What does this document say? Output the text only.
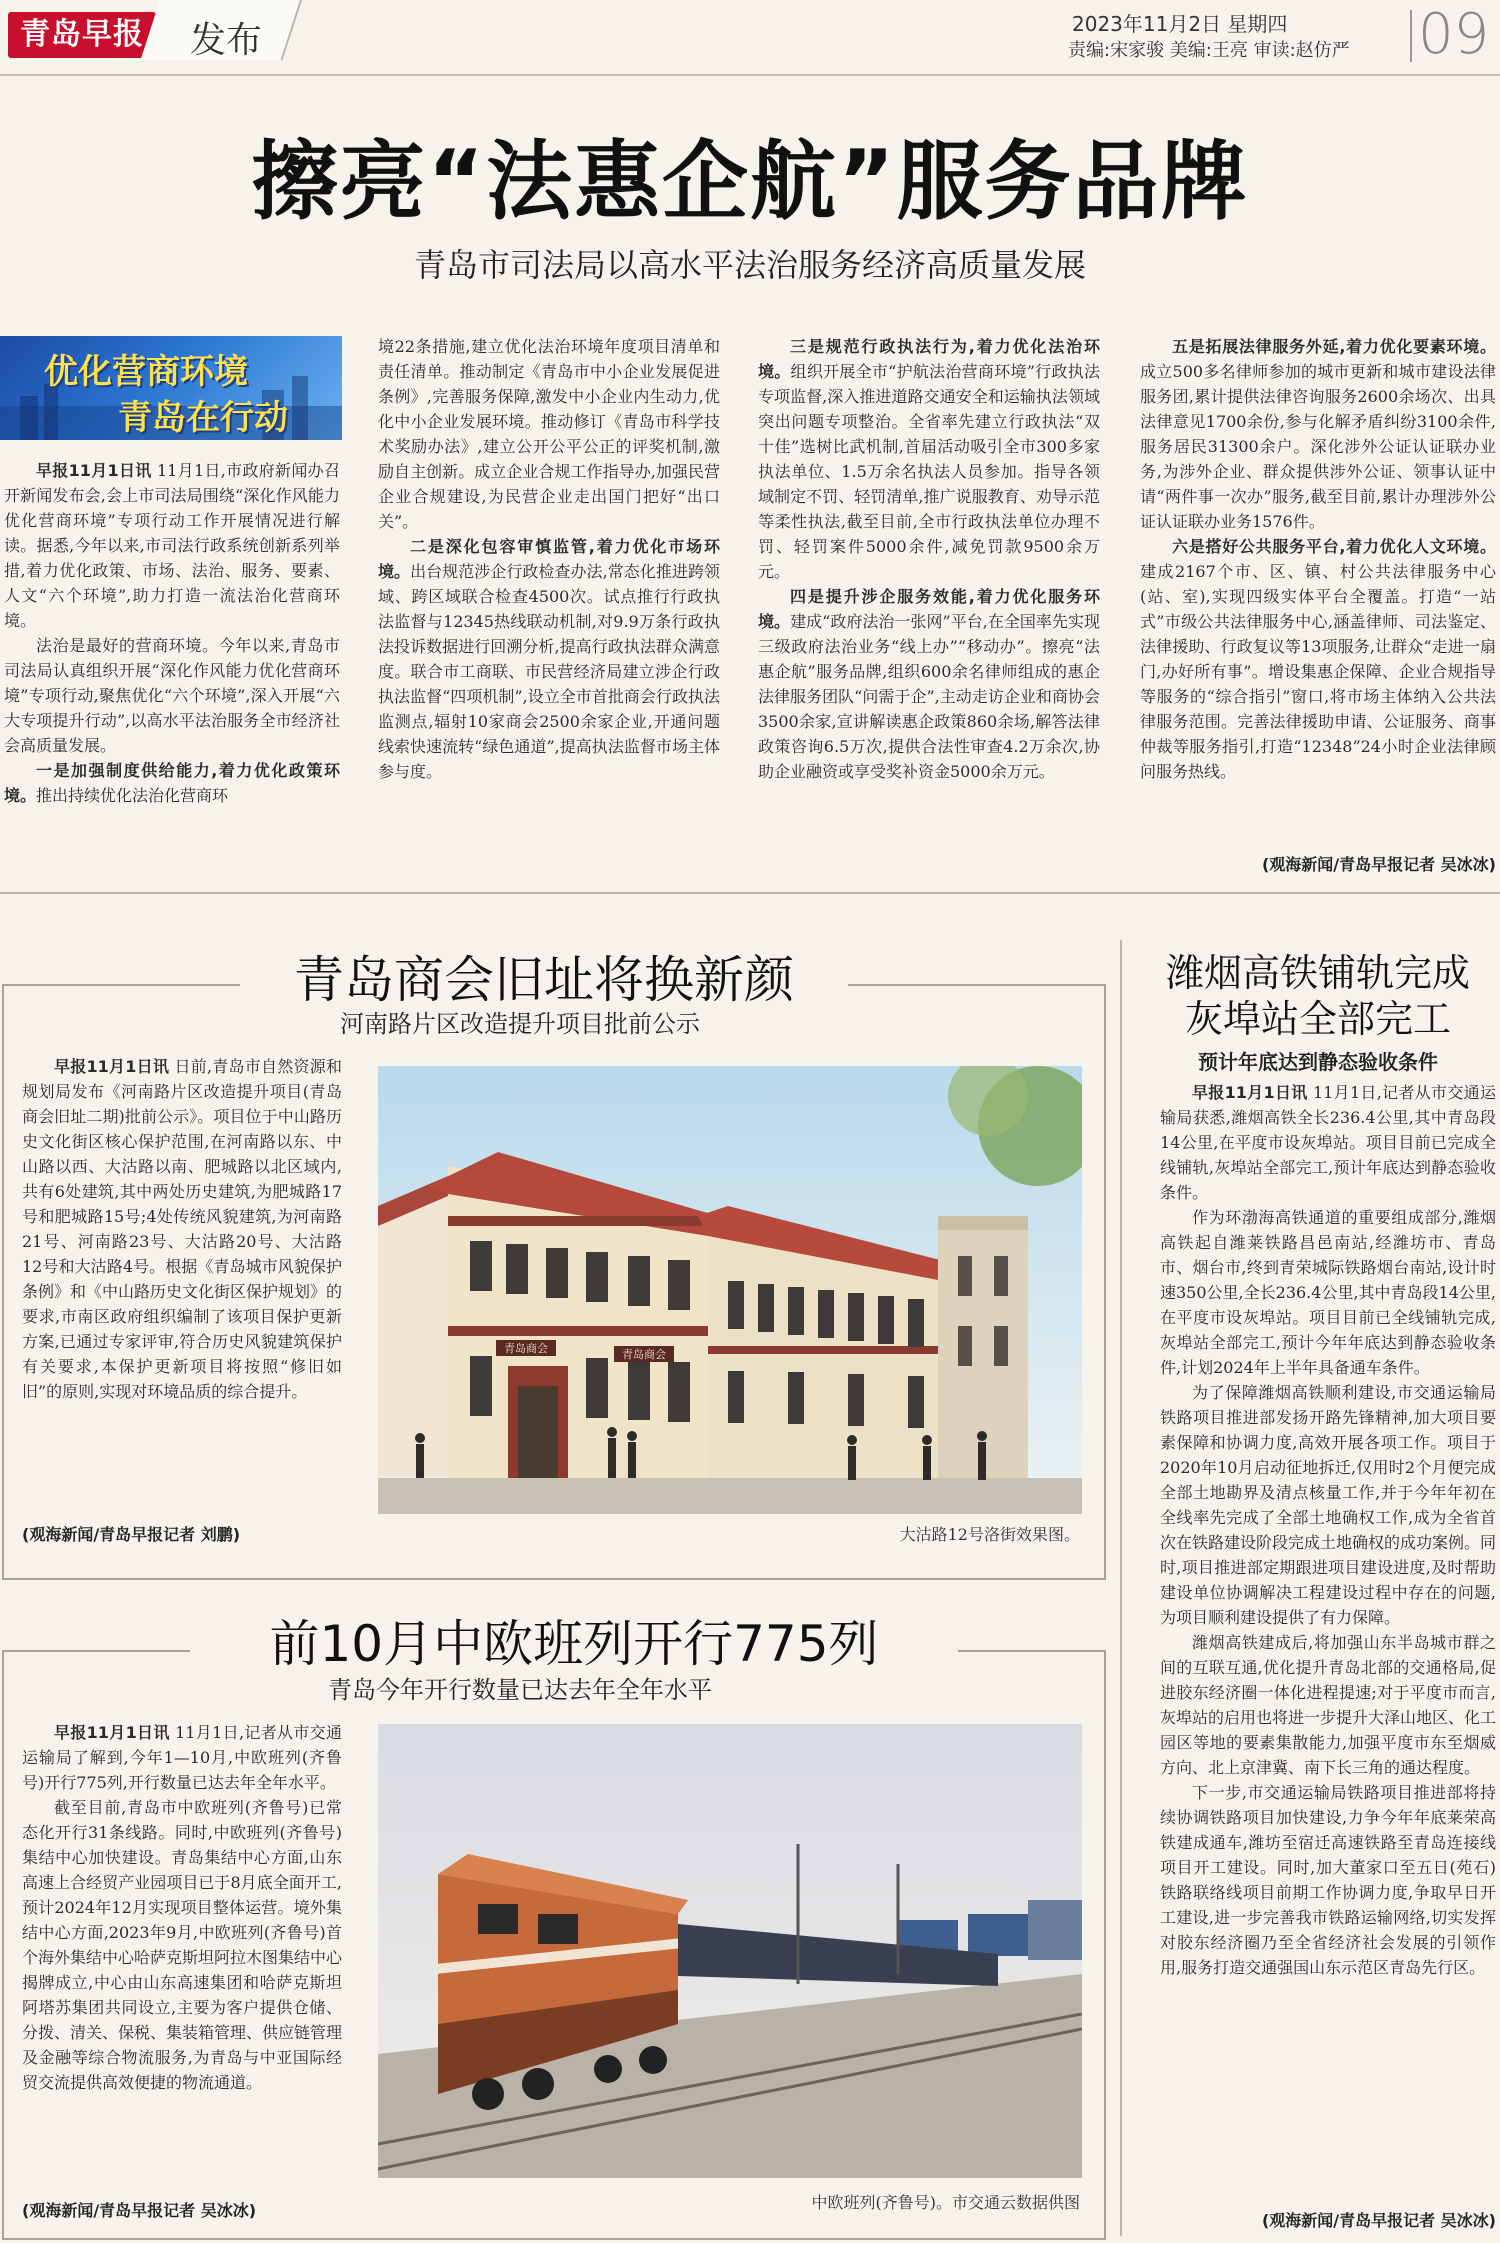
青岛早报	发布	2023年11月2日 星期四
责编:宋家骏 美编:王亮 审读:赵仿严 09
擦亮“法惠企航”服务品牌
青岛市司法局以高水平法治服务经济高质量发展
优化营商环境
青岛在行动

早报11月1日讯 11月1日,市政府新闻办召开新闻发布会,会上市司法局围绕“深化作风能力优化营商环境”专项行动工作开展情况进行解读。据悉,今年以来,市司法行政系统创新系列举措,着力优化政策、市场、法治、服务、要素、人文“六个环境”,助力打造一流法治化营商环境。

法治是最好的营商环境。今年以来,青岛市司法局认真组织开展“深化作风能力优化营商环境”专项行动,聚焦优化“六个环境”,深入开展“六大专项提升行动”,以高水平法治服务全市经济社会高质量发展。

一是加强制度供给能力,着力优化政策环境。推出持续优化法治化营商环

境22条措施,建立优化法治环境年度项目清单和责任清单。推动制定《青岛市中小企业发展促进条例》,完善服务保障,激发中小企业内生动力,优化中小企业发展环境。推动修订《青岛市科学技术奖励办法》,建立公开公平公正的评奖机制,激励自主创新。成立企业合规工作指导办,加强民营企业合规建设,为民营企业走出国门把好“出口关”。

二是深化包容审慎监管,着力优化市场环境。出台规范涉企行政检查办法,常态化推进跨领域、跨区域联合检查4500次。试点推行行政执法监督与12345热线联动机制,对9.9万条行政执法投诉数据进行回溯分析,提高行政执法群众满意度。联合市工商联、市民营经济局建立涉企行政执法监督“四项机制”,设立全市首批商会行政执法监测点,辐射10家商会2500余家企业,开通问题线索快速流转“绿色通道”,提高执法监督市场主体参与度。

三是规范行政执法行为,着力优化法治环境。组织开展全市“护航法治营商环境”行政执法专项监督,深入推进道路交通安全和运输执法领域突出问题专项整治。全省率先建立行政执法“双十佳”选树比武机制,首届活动吸引全市300多家执法单位、1.5万余名执法人员参加。指导各领域制定不罚、轻罚清单,推广说服教育、劝导示范等柔性执法,截至目前,全市行政执法单位办理不罚、轻罚案件5000余件,减免罚款9500余万元。

四是提升涉企服务效能,着力优化服务环境。建成“政府法治一张网”平台,在全国率先实现三级政府法治业务“线上办”“移动办”。擦亮“法惠企航”服务品牌,组织600余名律师组成的惠企法律服务团队“问需于企”,主动走访企业和商协会3500余家,宣讲解读惠企政策860余场,解答法律政策咨询6.5万次,提供合法性审查4.2万余次,协助企业融资或享受奖补资金5000余万元。

五是拓展法律服务外延,着力优化要素环境。成立500多名律师参加的城市更新和城市建设法律服务团,累计提供法律咨询服务2600余场次、出具法律意见1700余份,参与化解矛盾纠纷3100余件,服务居民31300余户。深化涉外公证认证联办业务,为涉外企业、群众提供涉外公证、领事认证中请“两件事一次办”服务,截至目前,累计办理涉外公证认证联办业务1576件。

六是搭好公共服务平台,着力优化人文环境。建成2167个市、区、镇、村公共法律服务中心(站、室),实现四级实体平台全覆盖。打造“一站式”市级公共法律服务中心,涵盖律师、司法鉴定、法律援助、行政复议等13项服务,让群众“走进一扇门,办好所有事”。增设集惠企保障、企业合规指导等服务的“综合指引”窗口,将市场主体纳入公共法律服务范围。完善法律援助申请、公证服务、商事仲裁等服务指引,打造“12348”24小时企业法律顾问服务热线。

(观海新闻/青岛早报记者 吴冰冰)
青岛商会旧址将换新颜
河南路片区改造提升项目批前公示

早报11月1日讯 日前,青岛市自然资源和规划局发布《河南路片区改造提升项目(青岛商会旧址二期)批前公示》。项目位于中山路历史文化街区核心保护范围,在河南路以东、中山路以西、大沽路以南、肥城路以北区域内,共有6处建筑,其中两处历史建筑,为肥城路17号和肥城路15号;4处传统风貌建筑,为河南路21号、河南路23号、大沽路20号、大沽路12号和大沽路4号。根据《青岛城市风貌保护条例》和《中山路历史文化街区保护规划》的要求,市南区政府组织编制了该项目保护更新方案,已通过专家评审,符合历史风貌建筑保护有关要求,本保护更新项目将按照“修旧如旧”的原则,实现对环境品质的综合提升。

(观海新闻/青岛早报记者 刘鹏)
青岛商会	青岛商会
大沽路12号洛街效果图。
前10月中欧班列开行775列
青岛今年开行数量已达去年全年水平

早报11月1日讯 11月1日,记者从市交通运输局了解到,今年1—10月,中欧班列(齐鲁号)开行775列,开行数量已达去年全年水平。

截至目前,青岛市中欧班列(齐鲁号)已常态化开行31条线路。同时,中欧班列(齐鲁号)集结中心加快建设。青岛集结中心方面,山东高速上合经贸产业园项目已于8月底全面开工,预计2024年12月实现项目整体运营。境外集结中心方面,2023年9月,中欧班列(齐鲁号)首个海外集结中心哈萨克斯坦阿拉木图集结中心揭牌成立,中心由山东高速集团和哈萨克斯坦阿塔苏集团共同设立,主要为客户提供仓储、分拨、清关、保税、集装箱管理、供应链管理及金融等综合物流服务,为青岛与中亚国际经贸交流提供高效便捷的物流通道。

(观海新闻/青岛早报记者 吴冰冰)	中欧班列(齐鲁号)。市交通云数据供图
潍烟高铁铺轨完成
灰埠站全部完工
预计年底达到静态验收条件

早报11月1日讯 11月1日,记者从市交通运输局获悉,潍烟高铁全长236.4公里,其中青岛段14公里,在平度市设灰埠站。项目目前已完成全线铺轨,灰埠站全部完工,预计年底达到静态验收条件。

作为环渤海高铁通道的重要组成部分,潍烟高铁起自潍莱铁路昌邑南站,经潍坊市、青岛市、烟台市,终到青荣城际铁路烟台南站,设计时速350公里,全长236.4公里,其中青岛段14公里,在平度市设灰埠站。项目目前已全线铺轨完成,灰埠站全部完工,预计今年年底达到静态验收条件,计划2024年上半年具备通车条件。

为了保障潍烟高铁顺利建设,市交通运输局铁路项目推进部发扬开路先锋精神,加大项目要素保障和协调力度,高效开展各项工作。项目于2020年10月启动征地拆迁,仅用时2个月便完成全部土地勘界及清点核量工作,并于今年年初在全线率先完成了全部土地确权工作,成为全省首次在铁路建设阶段完成土地确权的成功案例。同时,项目推进部定期跟进项目建设进度,及时帮助建设单位协调解决工程建设过程中存在的问题,为项目顺利建设提供了有力保障。

潍烟高铁建成后,将加强山东半岛城市群之间的互联互通,优化提升青岛北部的交通格局,促进胶东经济圈一体化进程提速;对于平度市而言,灰埠站的启用也将进一步提升大泽山地区、化工园区等地的要素集散能力,加强平度市东至烟威方向、北上京津冀、南下长三角的通达程度。

下一步,市交通运输局铁路项目推进部将持续协调铁路项目加快建设,力争今年年底莱荣高铁建成通车,潍坊至宿迁高速铁路至青岛连接线项目开工建设。同时,加大董家口至五日(苑石)铁路联络线项目前期工作协调力度,争取早日开工建设,进一步完善我市铁路运输网络,切实发挥对胶东经济圈乃至全省经济社会发展的引领作用,服务打造交通强国山东示范区青岛先行区。

(观海新闻/青岛早报记者 吴冰冰)
